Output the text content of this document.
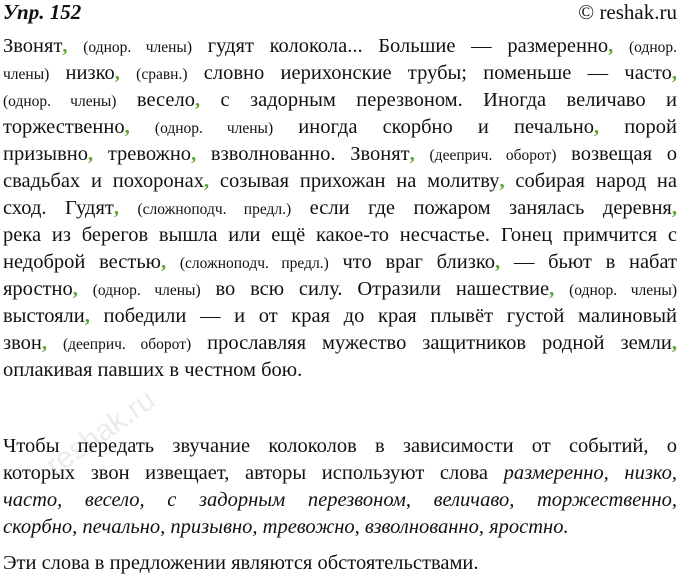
Упр. 152	© reshak.ru
Звонят, (однор. члены) гудят колокола... Большие — размеренно, (однор.
члены) низко, (сравн.) словно иерихонские трубы; поменьше — часто,
(однор. члены) весело, с задорным перезвоном. Иногда величаво и
торжественно, (однор. члены) иногда скорбно и печально, порой
призывно, тревожно, взволнованно. Звонят, (дееприч. оборот) возвещая о
свадьбах и похоронах, созывая прихожан на молитву, собирая народ на
сход. Гудят, (сложноподч. предл.) если где пожаром занялась деревня,
река из берегов вышла или ещё какое-то несчастье. Гонец примчится с
недоброй вестью, (сложноподч. предл.) что враг близко, — бьют в набат
яростно, (однор. члены) во всю силу. Отразили нашествие, (однор. члены)
выстояли, победили — и от края до края плывёт густой малиновый
звон, (дееприч. оборот) прославляя мужество защитников родной земли,
оплакивая павших в честном бою.
Чтобы передать звучание колоколов в зависимости от событий, о
которых звон извещает, авторы используют слова размеренно, низко,
часто, весело, с задорным перезвоном, величаво, торжественно,
скорбно, печально, призывно, тревожно, взволнованно, яростно.
Эти слова в предложении являются обстоятельствами.
reshak.ru
